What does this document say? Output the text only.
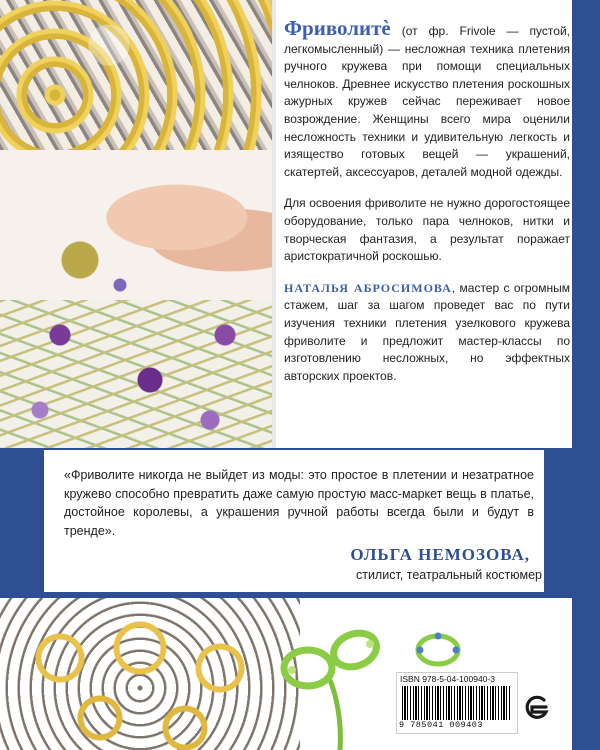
Фриволитѐ (от фр. Frivole — пустой, легкомысленный) — несложная техника плетения ручного кружева при помощи специальных челноков. Древнее искусство плетения роскошных ажурных кружев сейчас переживает новое возрождение. Женщины всего мира оценили несложность техники и удивительную легкость и изящество готовых вещей — украшений, скатертей, аксессуаров, деталей модной одежды.

Для освоения фриволите не нужно дорогостоящее оборудование, только пара челноков, нитки и творческая фантазия, а результат поражает аристократичной роскошью.

НАТАЛЬЯ АБРОСИМОВА, мастер с огромным стажем, шаг за шагом проведет вас по пути изучения техники плетения узелкового кружева фриволите и предложит мастер-классы по изготовлению несложных, но эффектных авторских проектов.

«Фриволите никогда не выйдет из моды: это простое в плетении и незатратное кружево способно превратить даже самую простую масс-маркет вещь в платье, достойное королевы, а украшения ручной работы всегда были и будут в тренде».
ОЛЬГА НЕМОЗОВА,
стилист, театральный костюмер
ISBN 978-5-04-100940-3
9 785041 009403
